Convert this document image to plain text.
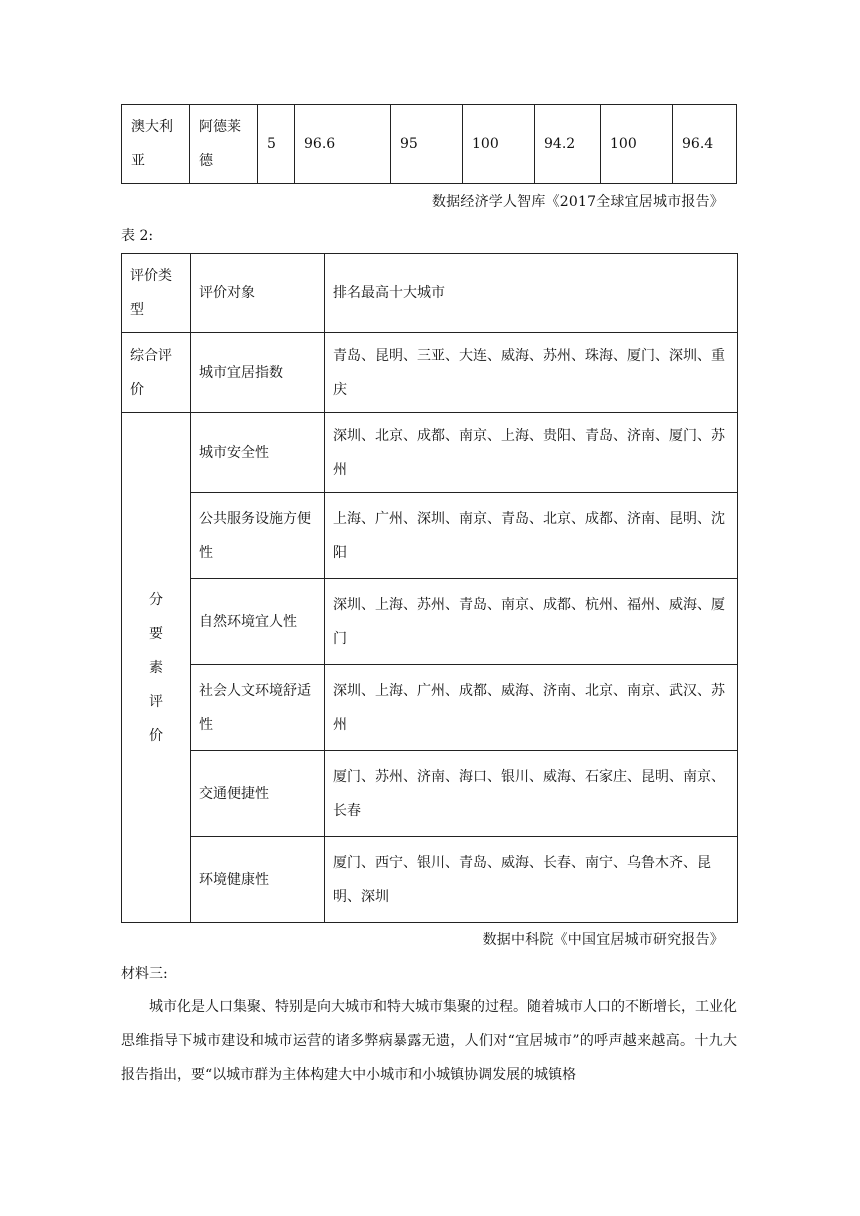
澳大利亚	阿德莱德	5	96.6	95	100	94.2	100	96.4
数据经济学人智库《2017全球宜居城市报告》
表 2:
评价类型	评价对象	排名最高十大城市
综合评价	城市宜居指数	青岛、昆明、三亚、大连、威海、苏州、珠海、厦门、深圳、重庆

分要素评价	城市安全性	深圳、北京、成都、南京、上海、贵阳、青岛、济南、厦门、苏州
	公共服务设施方便性	上海、广州、深圳、南京、青岛、北京、成都、济南、昆明、沈阳
	自然环境宜人性	深圳、上海、苏州、青岛、南京、成都、杭州、福州、威海、厦门
	社会人文环境舒适性	深圳、上海、广州、成都、威海、济南、北京、南京、武汉、苏州
	交通便捷性	厦门、苏州、济南、海口、银川、威海、石家庄、昆明、南京、长春
	环境健康性	厦门、西宁、银川、青岛、威海、长春、南宁、乌鲁木齐、昆明、深圳
数据中科院《中国宜居城市研究报告》
材料三:

城市化是人口集聚、特别是向大城市和特大城市集聚的过程。随着城市人口的不断增长，工业化思维指导下城市建设和城市运营的诸多弊病暴露无遗，人们对“宜居城市”的呼声越来越高。十九大报告指出，要“以城市群为主体构建大中小城市和小城镇协调发展的城镇格
